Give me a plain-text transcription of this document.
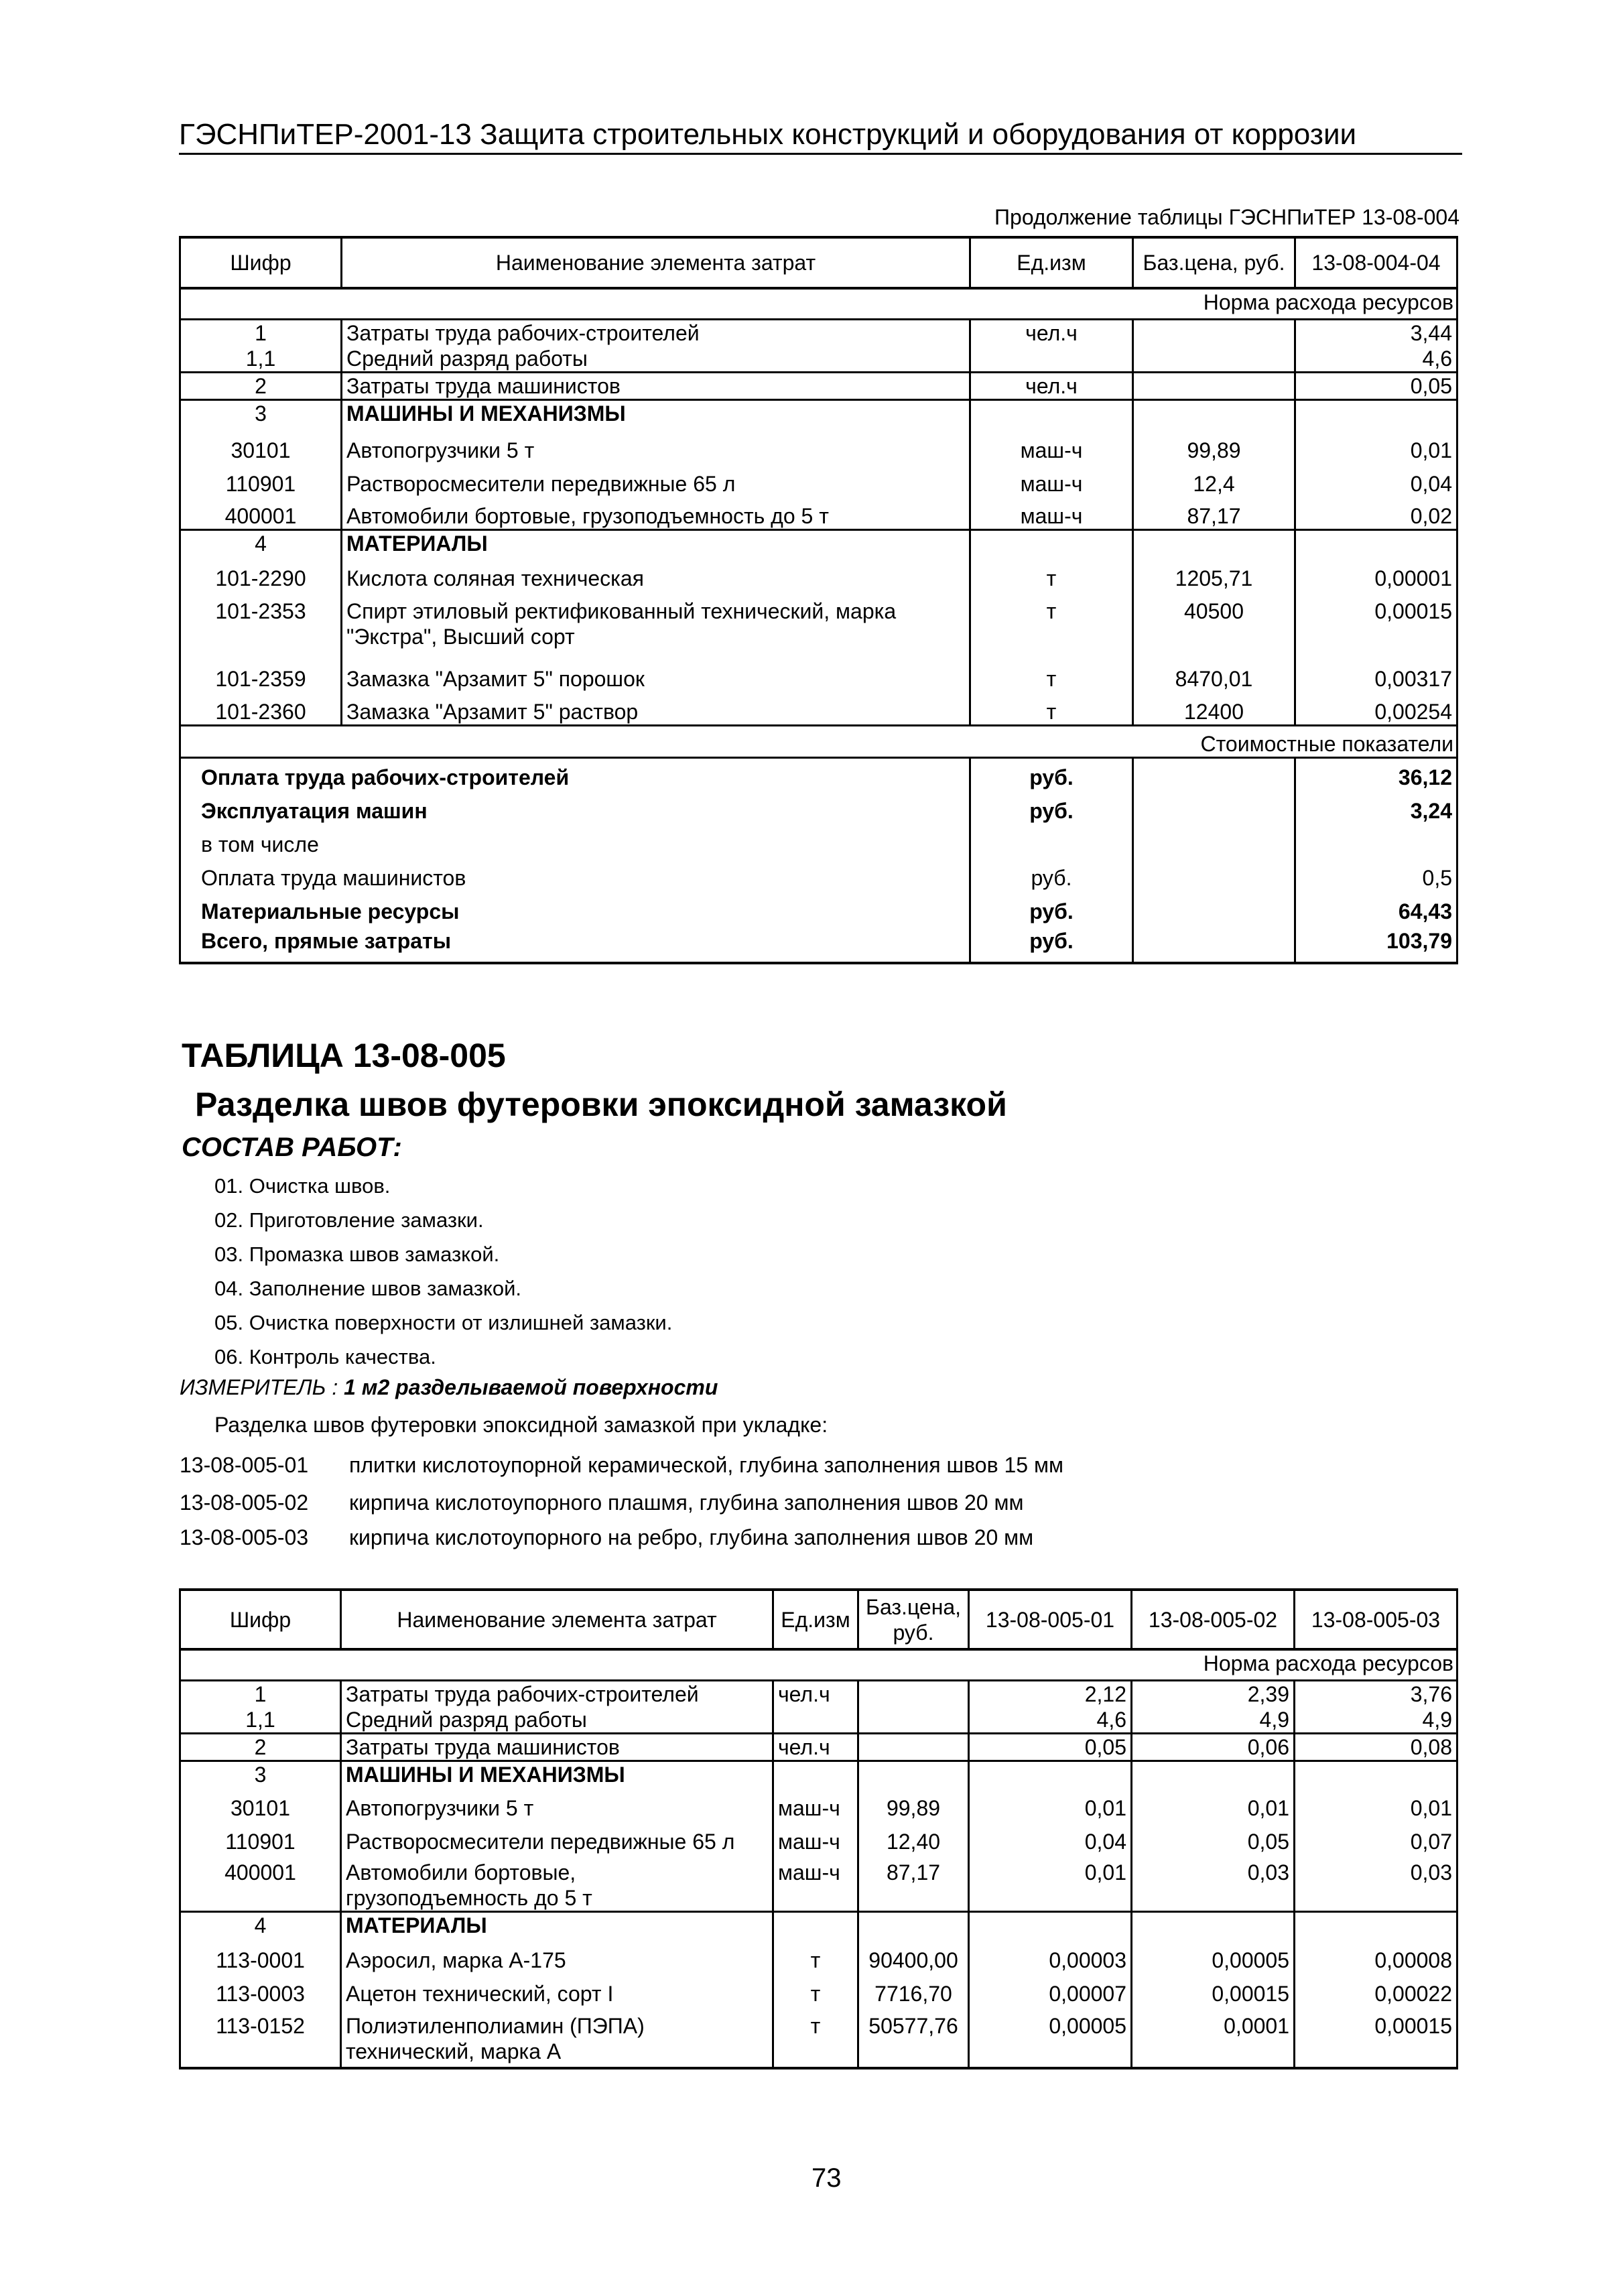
ГЭСНПиТЕР-2001-13 Защита строительных конструкций и оборудования от коррозии
Продолжение таблицы ГЭСНПиТЕР 13-08-004
Шифр	Наименование элемента затрат	Ед.изм	Баз.цена, руб.	13-08-004-04
Норма расхода ресурсов				
1	Затраты труда рабочих-строителей	чел.ч		3,44
1,1	Средний разряд работы			4,6
2	Затраты труда машинистов	чел.ч		0,05
3	МАШИНЫ И МЕХАНИЗМЫ			
30101	Автопогрузчики 5 т	маш-ч	99,89	0,01
110901	Растворосмесители передвижные 65 л	маш-ч	12,4	0,04
400001	Автомобили бортовые, грузоподъемность до 5 т	маш-ч	87,17	0,02
4	МАТЕРИАЛЫ			
101-2290	Кислота соляная техническая	т	1205,71	0,00001
101-2353	Спирт этиловый ректификованный технический, марка
"Экстра", Высший сорт	т	40500	0,00015
101-2359	Замазка "Арзамит 5" порошок	т	8470,01	0,00317
101-2360	Замазка "Арзамит 5" раствор	т	12400	0,00254
Стоимостные показатели				
Оплата труда рабочих-строителей		руб.		36,12
Эксплуатация машин		руб.		3,24
в том числе				
Оплата труда машинистов		руб.		0,5
Материальные ресурсы		руб.		64,43
Всего, прямые затраты		руб.		103,79
ТАБЛИЦА 13-08-005
Разделка швов футеровки эпоксидной замазкой
СОСТАВ РАБОТ:
01. Очистка швов.
02. Приготовление замазки.
03. Промазка швов замазкой.
04. Заполнение швов замазкой.
05. Очистка поверхности от излишней замазки.
06. Контроль качества.
ИЗМЕРИТЕЛЬ : 1 м2 разделываемой поверхности
Разделка швов футеровки эпоксидной замазкой при укладке:
13-08-005-01 плитки кислотоупорной керамической, глубина заполнения швов 15 мм
13-08-005-02 кирпича кислотоупорного плашмя, глубина заполнения швов 20 мм
13-08-005-03 кирпича кислотоупорного на ребро, глубина заполнения швов 20 мм
Шифр	Наименование элемента затрат	Ед.изм	Баз.цена, руб.	13-08-005-01	13-08-005-02	13-08-005-03
Норма расхода ресурсов						
1	Затраты труда рабочих-строителей	чел.ч		2,12	2,39	3,76
1,1	Средний разряд работы			4,6	4,9	4,9
2	Затраты труда машинистов	чел.ч		0,05	0,06	0,08
3	МАШИНЫ И МЕХАНИЗМЫ					
30101	Автопогрузчики 5 т	маш-ч	99,89	0,01	0,01	0,01
110901	Растворосмесители передвижные 65 л	маш-ч	12,40	0,04	0,05	0,07
400001	Автомобили бортовые,
грузоподъемность до 5 т	маш-ч	87,17	0,01	0,03	0,03
4	МАТЕРИАЛЫ					
113-0001	Аэросил, марка А-175	т	90400,00	0,00003	0,00005	0,00008
113-0003	Ацетон технический, сорт I	т	7716,70	0,00007	0,00015	0,00022
113-0152	Полиэтиленполиамин (ПЭПА)
технический, марка А	т	50577,76	0,00005	0,0001	0,00015
73
